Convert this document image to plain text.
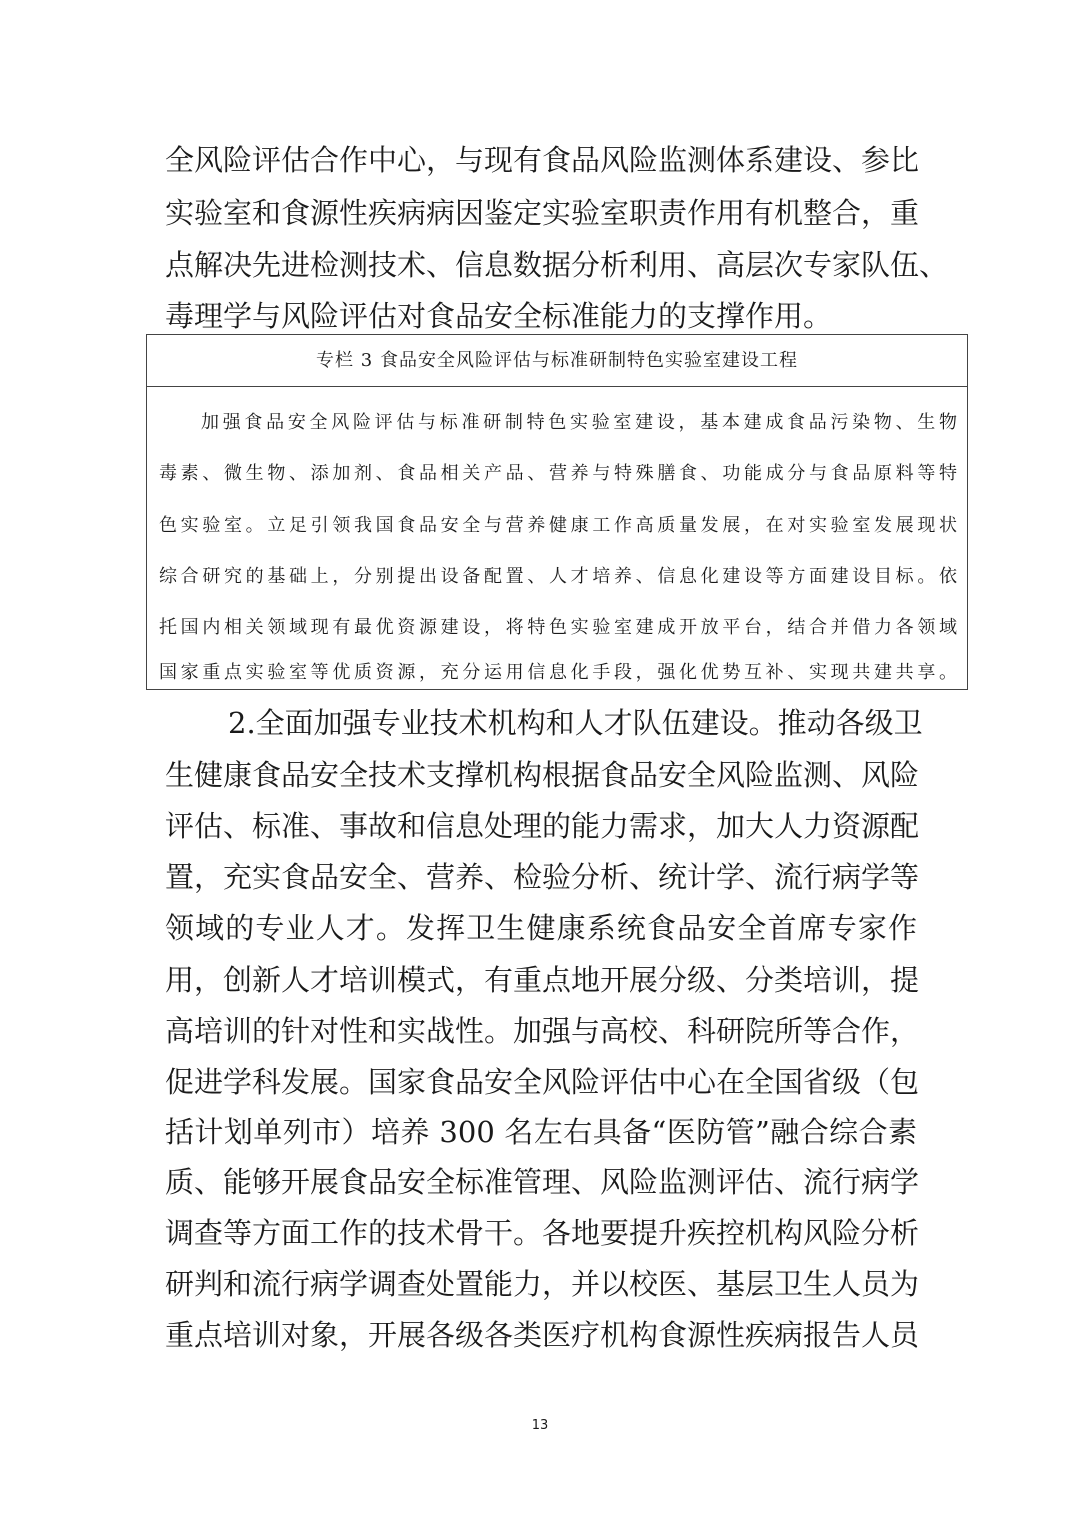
全风险评估合作中心，与现有食品风险监测体系建设、参比
实验室和食源性疾病病因鉴定实验室职责作用有机整合，重
点解决先进检测技术、信息数据分析利用、高层次专家队伍、
毒理学与风险评估对食品安全标准能力的支撑作用。
专栏 3 食品安全风险评估与标准研制特色实验室建设工程
加强食品安全风险评估与标准研制特色实验室建设，基本建成食品污染物、生物
毒素、微生物、添加剂、食品相关产品、营养与特殊膳食、功能成分与食品原料等特
色实验室。立足引领我国食品安全与营养健康工作高质量发展，在对实验室发展现状
综合研究的基础上，分别提出设备配置、人才培养、信息化建设等方面建设目标。依
托国内相关领域现有最优资源建设，将特色实验室建成开放平台，结合并借力各领域
国家重点实验室等优质资源，充分运用信息化手段，强化优势互补、实现共建共享。
2.全面加强专业技术机构和人才队伍建设。推动各级卫
生健康食品安全技术支撑机构根据食品安全风险监测、风险
评估、标准、事故和信息处理的能力需求，加大人力资源配
置，充实食品安全、营养、检验分析、统计学、流行病学等
领域的专业人才。发挥卫生健康系统食品安全首席专家作
用，创新人才培训模式，有重点地开展分级、分类培训，提
高培训的针对性和实战性。加强与高校、科研院所等合作，
促进学科发展。国家食品安全风险评估中心在全国省级（包
括计划单列市）培养 300 名左右具备“医防管”融合综合素
质、能够开展食品安全标准管理、风险监测评估、流行病学
调查等方面工作的技术骨干。各地要提升疾控机构风险分析
研判和流行病学调查处置能力，并以校医、基层卫生人员为
重点培训对象，开展各级各类医疗机构食源性疾病报告人员
13
